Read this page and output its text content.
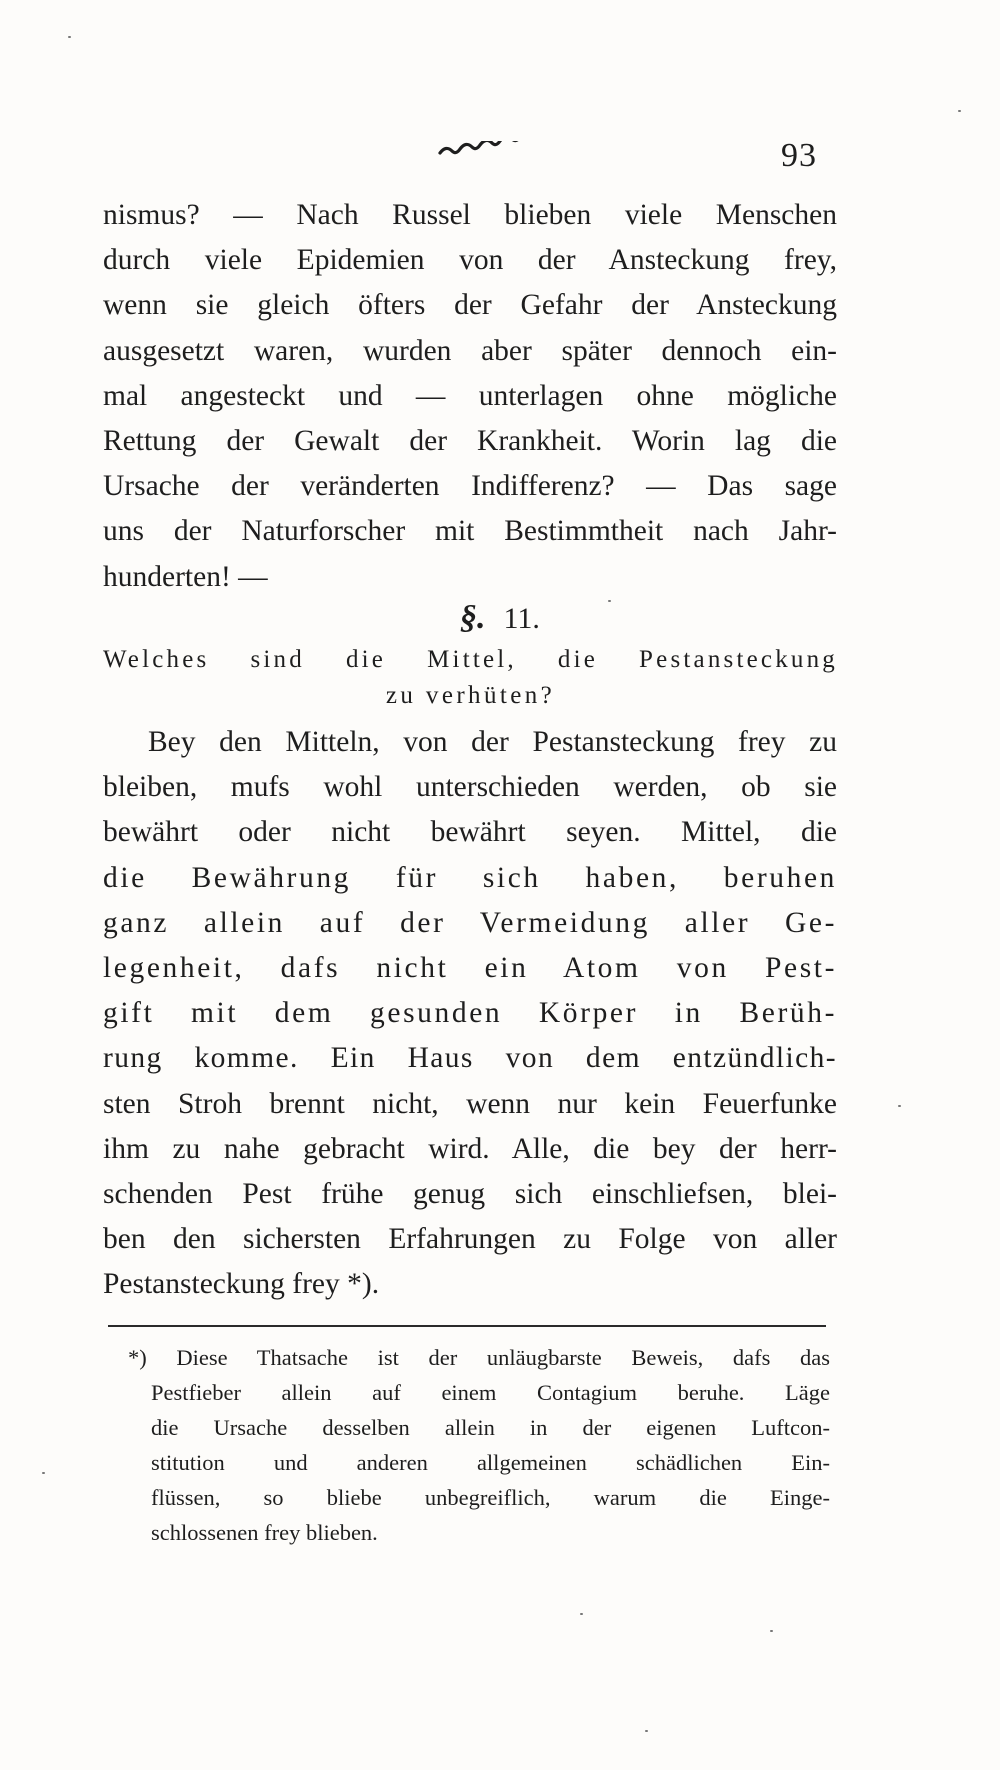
93
nismus? — Nach Russel blieben viele Menschen
durch viele Epidemien von der Ansteckung frey,
wenn sie gleich öfters der Gefahr der Ansteckung
ausgesetzt waren, wurden aber später dennoch ein-
mal angesteckt und — unterlagen ohne mögliche
Rettung der Gewalt der Krankheit. Worin lag die
Ursache der veränderten Indifferenz? — Das sage
uns der Naturforscher mit Bestimmtheit nach Jahr-
hunderten! —
§. 11.
Welches sind die Mittel, die Pestansteckung
zu verhüten?
Bey den Mitteln, von der Pestansteckung frey zu
bleiben, mufs wohl unterschieden werden, ob sie
bewährt oder nicht bewährt seyen. Mittel, die
die Bewährung für sich haben, beruhen
ganz allein auf der Vermeidung aller Ge-
legenheit, dafs nicht ein Atom von Pest-
gift mit dem gesunden Körper in Berüh-
rung komme. Ein Haus von dem entzündlich-
sten Stroh brennt nicht, wenn nur kein Feuerfunke
ihm zu nahe gebracht wird. Alle, die bey der herr-
schenden Pest frühe genug sich einschliefsen, blei-
ben den sichersten Erfahrungen zu Folge von aller
Pestansteckung frey *).
*) Diese Thatsache ist der unläugbarste Beweis, dafs das
Pestfieber allein auf einem Contagium beruhe. Läge
die Ursache desselben allein in der eigenen Luftcon-
stitution und anderen allgemeinen schädlichen Ein-
flüssen, so bliebe unbegreiflich, warum die Einge-
schlossenen frey blieben.
